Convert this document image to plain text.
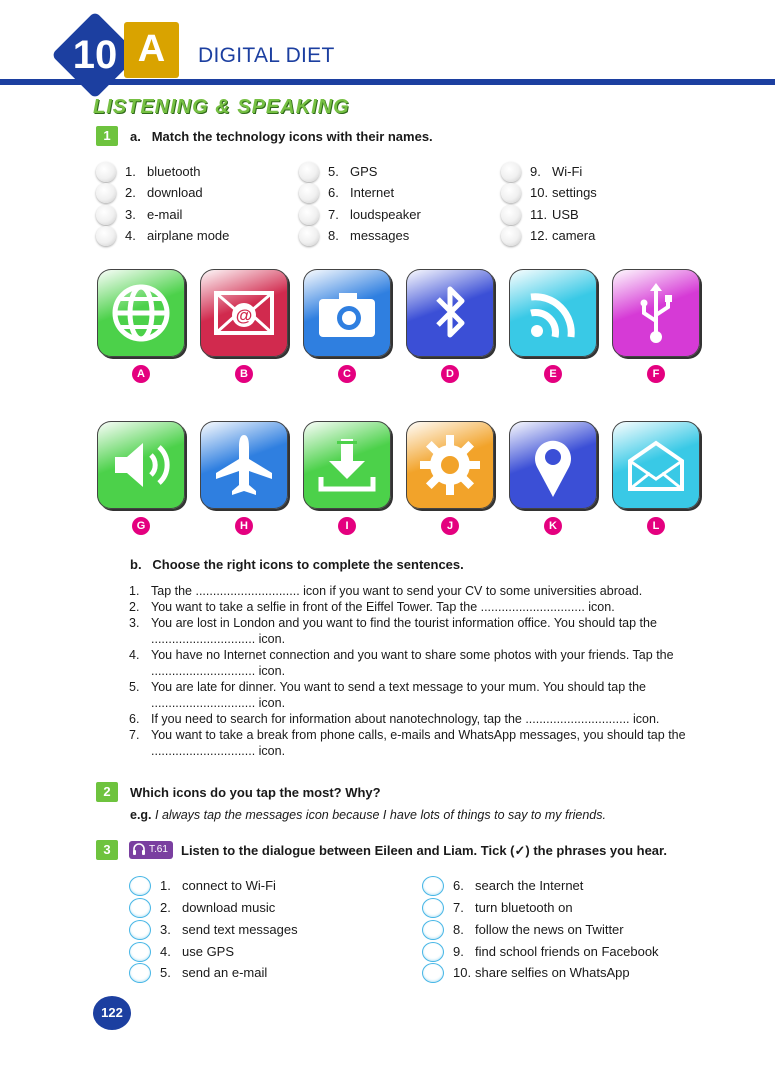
10 A	DIGITAL DIET
LISTENING & SPEAKING
1	a. Match the technology icons with their names.
1. bluetooth
2. download
3. e-mail
4. airplane mode
5. GPS
6. Internet
7. loudspeaker
8. messages
9. Wi-Fi
10. settings
11. USB
12. camera
A
@
B	C	D	E	F
G	H	I	J	K	L
b. Choose the right icons to complete the sentences.
1. Tap the .............................. icon if you want to send your CV to some universities abroad.
2. You want to take a selfie in front of the Eiffel Tower. Tap the .............................. icon.
3. You are lost in London and you want to find the tourist information office. You should tap the .............................. icon.
4. You have no Internet connection and you want to share some photos with your friends. Tap the .............................. icon.
5. You are late for dinner. You want to send a text message to your mum. You should tap the .............................. icon.
6. If you need to search for information about nanotechnology, tap the .............................. icon.
7. You want to take a break from phone calls, e-mails and WhatsApp messages, you should tap the .............................. icon.
2	Which icons do you tap the most? Why?
e.g. I always tap the messages icon because I have lots of things to say to my friends.
3	T.61 Listen to the dialogue between Eileen and Liam. Tick (✓) the phrases you hear.
1. connect to Wi-Fi
2. download music
3. send text messages
4. use GPS
5. send an e-mail
6. search the Internet
7. turn bluetooth on
8. follow the news on Twitter
9. find school friends on Facebook
10. share selfies on WhatsApp
122
